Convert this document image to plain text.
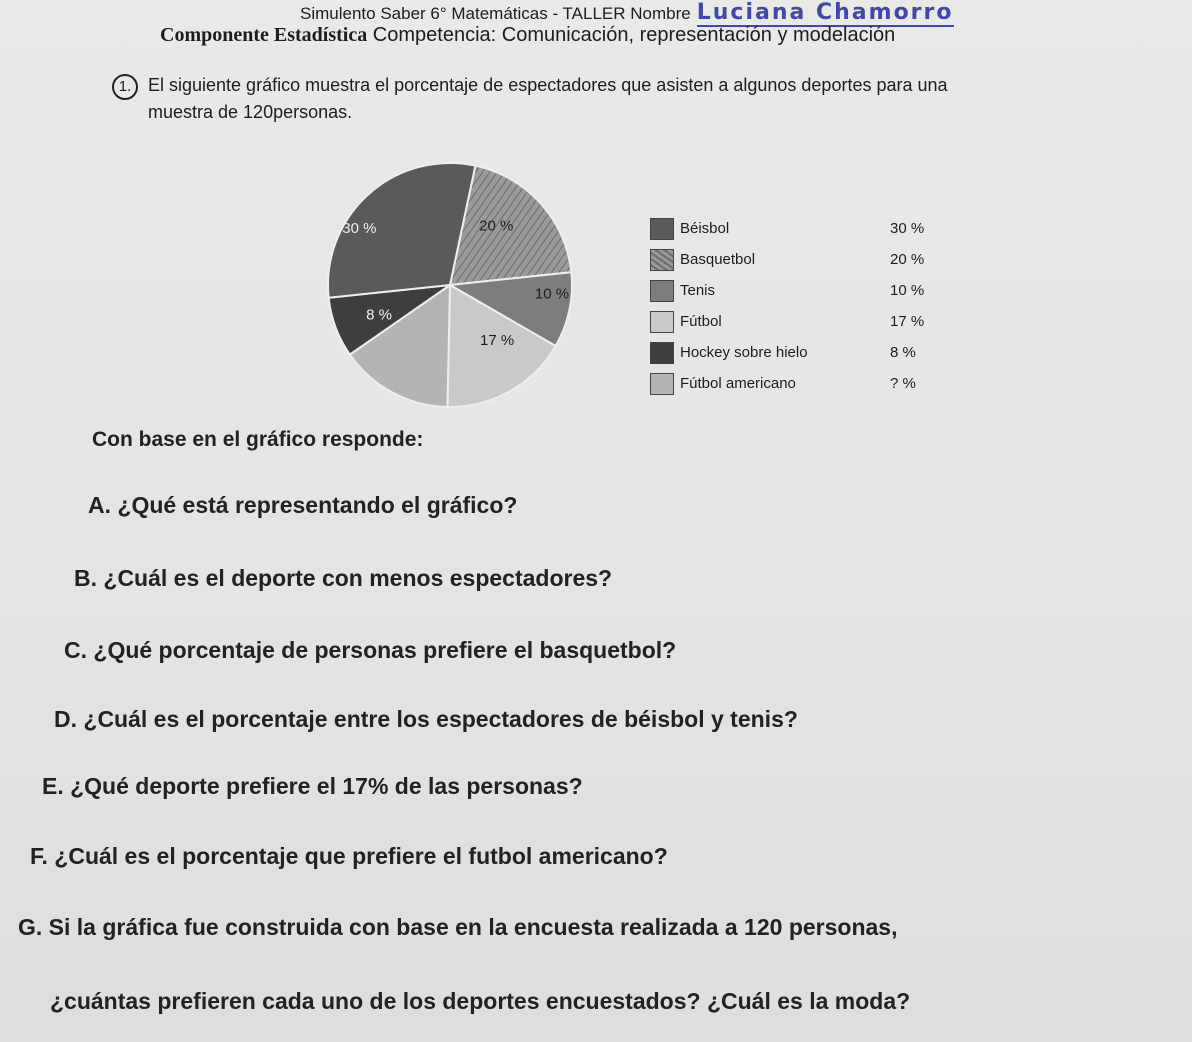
Simulento Saber 6° Matemáticas - TALLER Nombre Luciana Chamorro
Componente Estadística Competencia: Comunicación, representación y modelación
1. El siguiente gráfico muestra el porcentaje de espectadores que asisten a algunos deportes para una
muestra de 120personas.
20 %
10 %
17 %
8 %
30 %	Béisbol	30 %
Basquetbol	20 %
Tenis	10 %
Fútbol	17 %
Hockey sobre hielo	8 %
Fútbol americano	? %
Con base en el gráfico responde:
A. ¿Qué está representando el gráfico?
B. ¿Cuál es el deporte con menos espectadores?
C. ¿Qué porcentaje de personas prefiere el basquetbol?
D. ¿Cuál es el porcentaje entre los espectadores de béisbol y tenis?
E. ¿Qué deporte prefiere el 17% de las personas?
F. ¿Cuál es el porcentaje que prefiere el futbol americano?
G. Si la gráfica fue construida con base en la encuesta realizada a 120 personas,
¿cuántas prefieren cada uno de los deportes encuestados? ¿Cuál es la moda?
